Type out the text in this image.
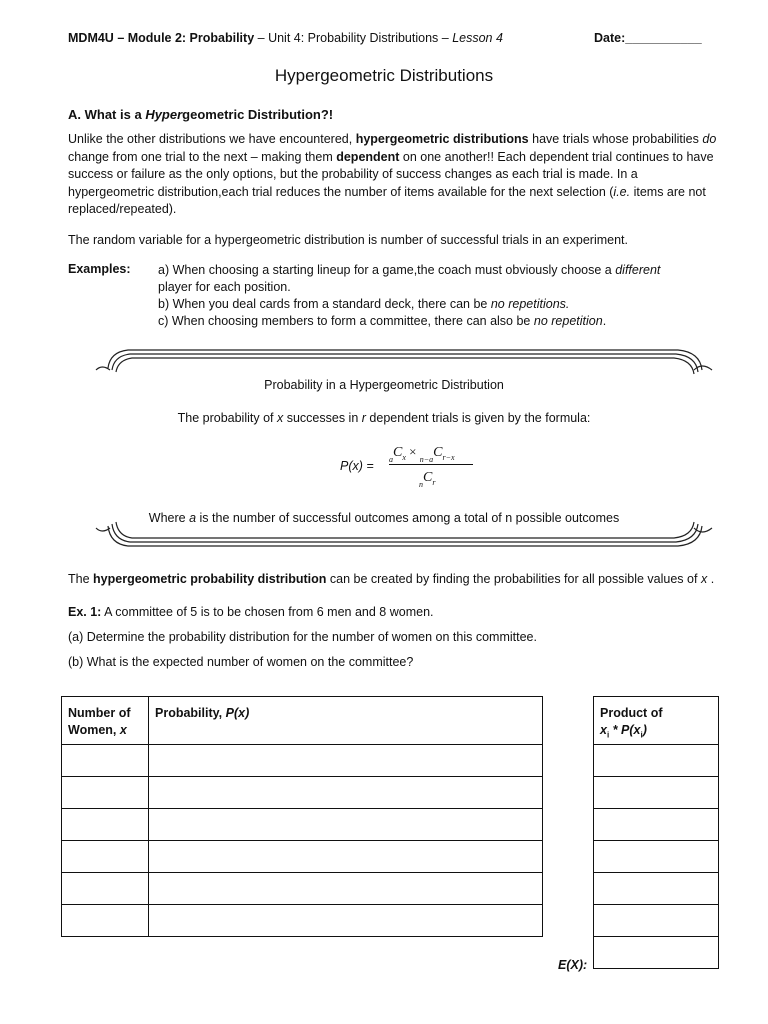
MDM4U – Module 2: Probability – Unit 4: Probability Distributions – Lesson 4	Date:___________
Hypergeometric Distributions
A. What is a Hypergeometric Distribution?!
Unlike the other distributions we have encountered, hypergeometric distributions have trials whose probabilities do change from one trial to the next – making them dependent on one another!! Each dependent trial continues to have success or failure as the only options, but the probability of success changes as each trial is made. In a hypergeometric distribution,each trial reduces the number of items available for the next selection (i.e. items are not replaced/repeated).
The random variable for a hypergeometric distribution is number of successful trials in an experiment.
Examples: a) When choosing a starting lineup for a game,the coach must obviously choose a different
player for each position.
b) When you deal cards from a standard deck, there can be no repetitions.
c) When choosing members to form a committee, there can also be no repetition.
Probability in a Hypergeometric Distribution
The probability of x successes in r dependent trials is given by the formula:
$P(x) = _aC_x \times _{n-a}C_{r-x}$
$_nC_r$
Where a is the number of successful outcomes among a total of n possible outcomes
The hypergeometric probability distribution can be created by finding the probabilities for all possible values of x .
Ex. 1: A committee of 5 is to be chosen from 6 men and 8 women.
(a) Determine the probability distribution for the number of women on this committee.
(b) What is the expected number of women on the committee?
Number of
Women, x	Probability, P(x)

		Product of
$x_i * P(x_i)$

E(X):
